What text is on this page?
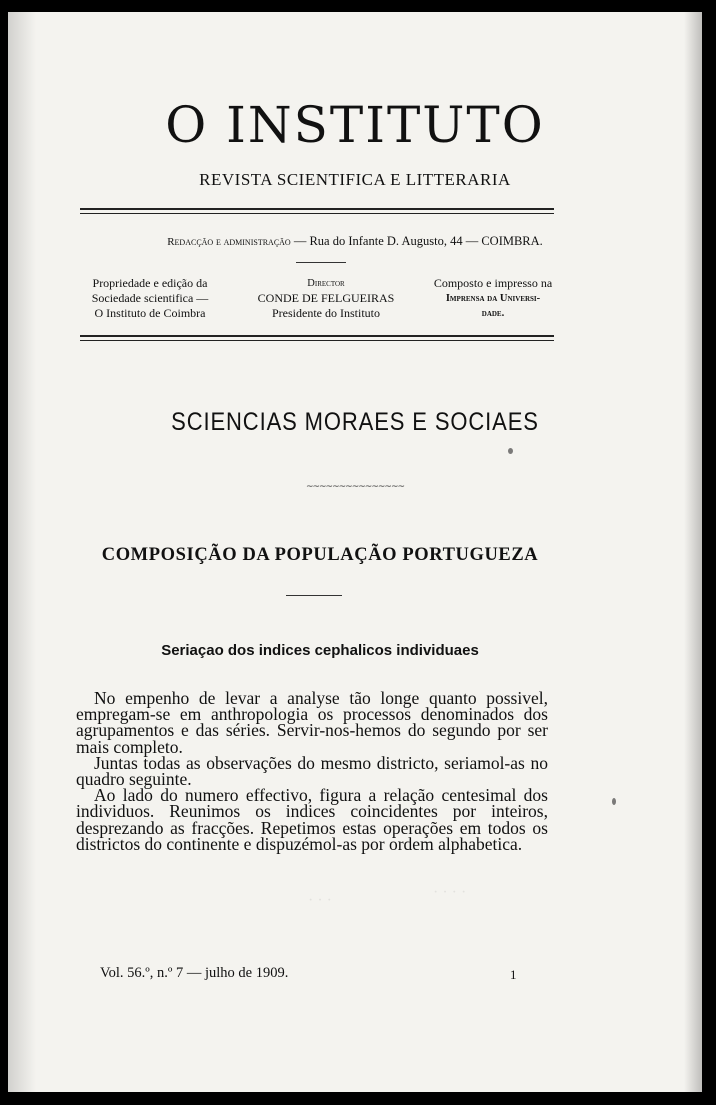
· · · ·
· · ·
O INSTITUTO
REVISTA SCIENTIFICA E LITTERARIA
Redacção e administração — Rua do Infante D. Augusto, 44 — COIMBRA.
Propriedade e edição da
Sociedade scientifica —
O Instituto de Coimbra
Director
CONDE DE FELGUEIRAS
Presidente do Instituto
Composto e impresso na
Imprensa da Universi-
dade.
SCIENCIAS MORAES E SOCIAES
~~~~~~~~~~~~~~~
COMPOSIÇÃO DA POPULAÇÃO PORTUGUEZA
Seriaçao dos indices cephalicos individuaes

No empenho de levar a analyse tão longe quanto possivel, empregam-se em anthropologia os processos denominados dos agrupamentos e das séries. Servir-nos-hemos do segundo por ser mais completo.

Juntas todas as observações do mesmo districto, seriamol-as no quadro seguinte.

Ao lado do numero effectivo, figura a relação centesimal dos individuos. Reunimos os indices coincidentes por inteiros, desprezando as fracções. Repetimos estas operações em todos os districtos do continente e dispuzémol-as por ordem alphabetica.

Vol. 56.º, n.º 7 — julho de 1909.	1
